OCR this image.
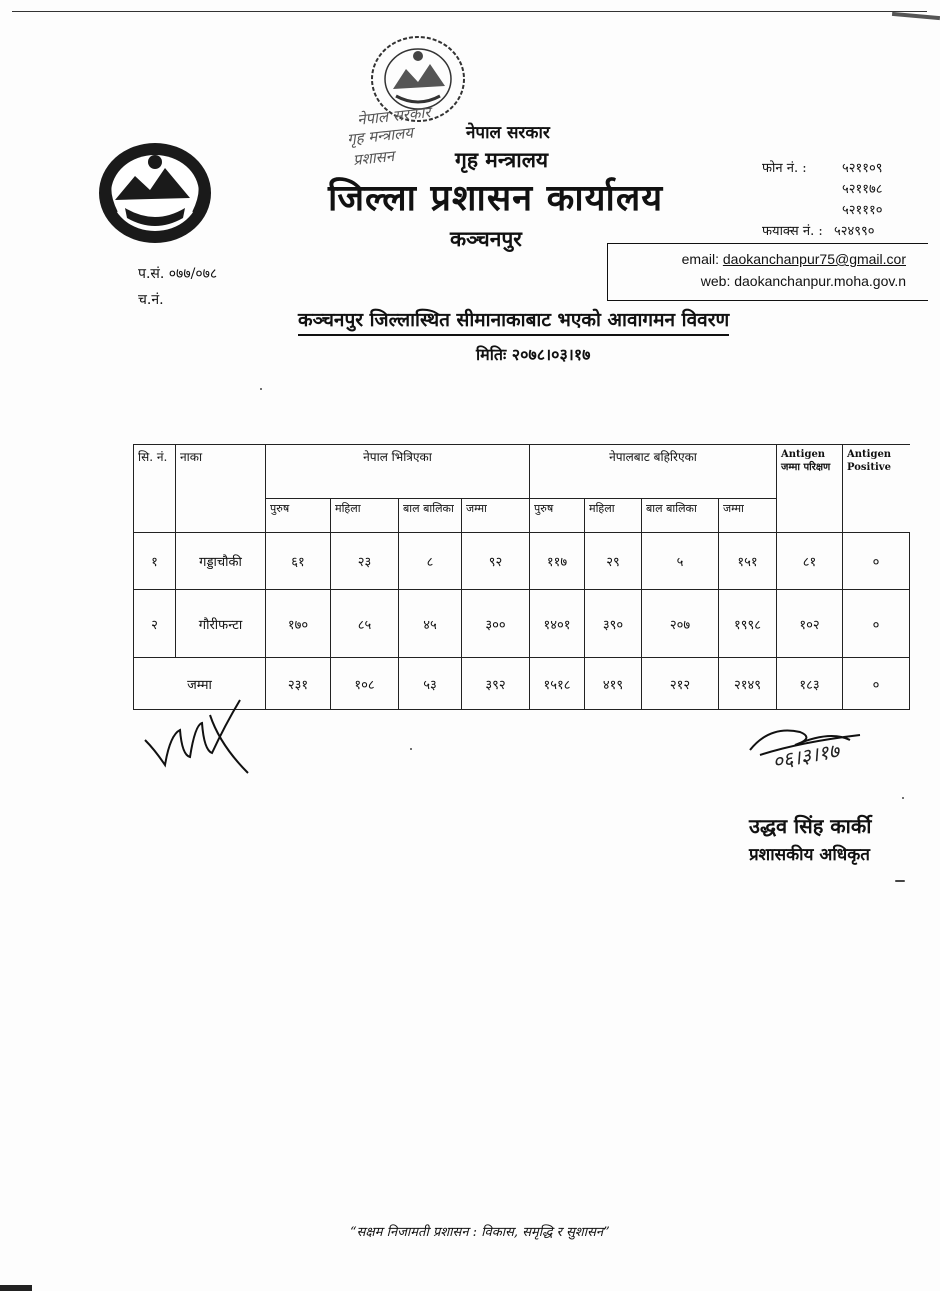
नेपाल सरकार
गृह मन्त्रालय
प्रशासन
नेपाल सरकार
गृह मन्त्रालय
जिल्ला प्रशासन कार्यालय
कञ्चनपुर
फोन नं. :	५२११०९
५२११७८

५२१११०

फयाक्स नं. : ५२४९९०
email: daokanchanpur75@gmail.cor
web: daokanchanpur.moha.gov.n
प.सं. ०७७/०७८
च.नं.
कञ्चनपुर जिल्लास्थित सीमानाकाबाट भएको आवागमन विवरण
मितिः २०७८।०३।१७
सि. नं.	नाका	नेपाल भित्रिएका				नेपालबाट बहिरिएका				Antigen जम्मा परिक्षण	Antigen Positive
		पुरुष	महिला	बाल बालिका	जम्मा	पुरुष	महिला	बाल बालिका	जम्मा		
१	गड्डाचौकी	६१	२३	८	९२	११७	२९	५	१५१	८१	०
२	गौरीफन्टा	१७०	८५	४५	३००	१४०१	३९०	२०७	१९९८	१०२	०
जम्मा		२३१	१०८	५३	३९२	१५१८	४१९	२१२	२१४९	१८३	०
०६।३।१७
उद्धव सिंह कार्की
प्रशासकीय अधिकृत
“सक्षम निजामती प्रशासन : विकास, समृद्धि र सुशासन”
